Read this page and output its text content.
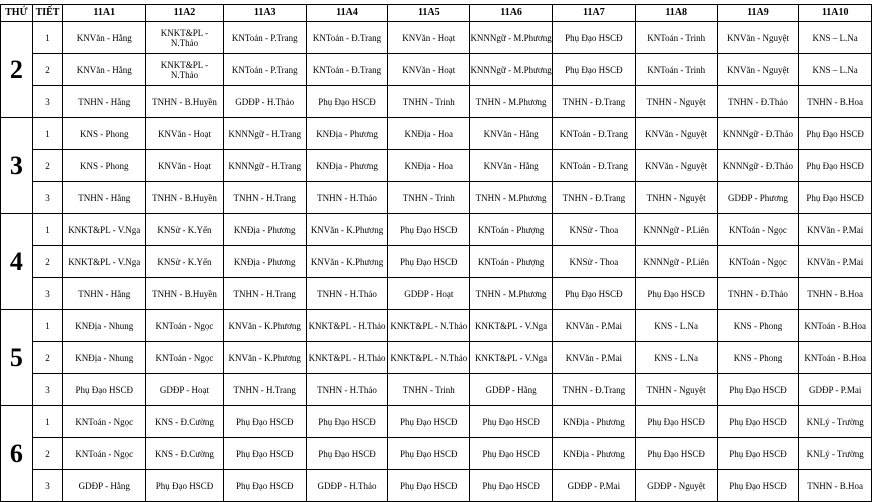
THỨ	TIẾT	11A1	11A2	11A3	11A4	11A5	11A6	11A7	11A8	11A9	11A10
2	1	KNVăn - Hằng	KNKT&PL - N.Thảo	KNToán - P.Trang	KNToán - Đ.Trang	KNVăn - Hoạt	KNNNgữ - M.Phương	Phụ Đạo HSCĐ	KNToán - Trinh	KNVăn - Nguyệt	KNS – L.Na
	2	KNVăn - Hằng	KNKT&PL - N.Thảo	KNToán - P.Trang	KNToán - Đ.Trang	KNVăn - Hoạt	KNNNgữ - M.Phương	Phụ Đạo HSCĐ	KNToán - Trinh	KNVăn - Nguyệt	KNS – L.Na
	3	TNHN - Hằng	TNHN - B.Huyền	GDĐP - H.Thảo	Phụ Đạo HSCĐ	TNHN - Trinh	TNHN - M.Phương	TNHN - Đ.Trang	TNHN - Nguyệt	TNHN - Đ.Thảo	TNHN - B.Hoa
3	1	KNS - Phong	KNVăn - Hoạt	KNNNgữ - H.Trang	KNĐịa - Phương	KNĐịa - Hoa	KNVăn - Hằng	KNToán - Đ.Trang	KNVăn - Nguyệt	KNNNgữ - Đ.Thảo	Phụ Đạo HSCĐ
	2	KNS - Phong	KNVăn - Hoạt	KNNNgữ - H.Trang	KNĐịa - Phương	KNĐịa - Hoa	KNVăn - Hằng	KNToán - Đ.Trang	KNVăn - Nguyệt	KNNNgữ - Đ.Thảo	Phụ Đạo HSCĐ
	3	TNHN - Hằng	TNHN - B.Huyền	TNHN - H.Trang	TNHN - H.Thảo	TNHN - Trinh	TNHN - M.Phương	TNHN - Đ.Trang	TNHN - Nguyệt	GDĐP - Phương	Phụ Đạo HSCĐ
4	1	KNKT&PL - V.Nga	KNSử - K.Yến	KNĐịa - Phương	KNVăn - K.Phương	Phụ Đạo HSCĐ	KNToán - Phượng	KNSử - Thoa	KNNNgữ - P.Liên	KNToán - Ngọc	KNVăn - P.Mai
	2	KNKT&PL - V.Nga	KNSử - K.Yến	KNĐịa - Phương	KNVăn - K.Phương	Phụ Đạo HSCĐ	KNToán - Phượng	KNSử - Thoa	KNNNgữ - P.Liên	KNToán - Ngọc	KNVăn - P.Mai
	3	TNHN - Hằng	TNHN - B.Huyền	TNHN - H.Trang	TNHN - H.Thảo	GDĐP - Hoạt	TNHN - M.Phương	Phụ Đạo HSCĐ	Phụ Đạo HSCĐ	TNHN - Đ.Thảo	TNHN - B.Hoa
5	1	KNĐịa - Nhung	KNToán - Ngọc	KNVăn - K.Phương	KNKT&PL - H.Thảo	KNKT&PL - N.Thảo	KNKT&PL - V.Nga	KNVăn - P.Mai	KNS - L.Na	KNS - Phong	KNToán - B.Hoa
	2	KNĐịa - Nhung	KNToán - Ngọc	KNVăn - K.Phương	KNKT&PL - H.Thảo	KNKT&PL - N.Thảo	KNKT&PL - V.Nga	KNVăn - P.Mai	KNS - L.Na	KNS - Phong	KNToán - B.Hoa
	3	Phụ Đạo HSCĐ	GDĐP - Hoạt	TNHN - H.Trang	TNHN - H.Thảo	TNHN - Trinh	GDĐP - Hằng	TNHN - Đ.Trang	TNHN - Nguyệt	Phụ Đạo HSCĐ	GDĐP - P.Mai
6	1	KNToán - Ngọc	KNS - Đ.Cường	Phụ Đạo HSCĐ	Phụ Đạo HSCĐ	Phụ Đạo HSCĐ	Phụ Đạo HSCĐ	KNĐịa - Phương	Phụ Đạo HSCĐ	Phụ Đạo HSCĐ	KNLý - Trường
	2	KNToán - Ngọc	KNS - Đ.Cường	Phụ Đạo HSCĐ	Phụ Đạo HSCĐ	Phụ Đạo HSCĐ	Phụ Đạo HSCĐ	KNĐịa - Phương	Phụ Đạo HSCĐ	Phụ Đạo HSCĐ	KNLý - Trường
	3	GDĐP - Hằng	Phụ Đạo HSCĐ	Phụ Đạo HSCĐ	GDĐP - H.Thảo	Phụ Đạo HSCĐ	Phụ Đạo HSCĐ	GDĐP - P.Mai	GDĐP - Nguyệt	Phụ Đạo HSCĐ	TNHN - B.Hoa
